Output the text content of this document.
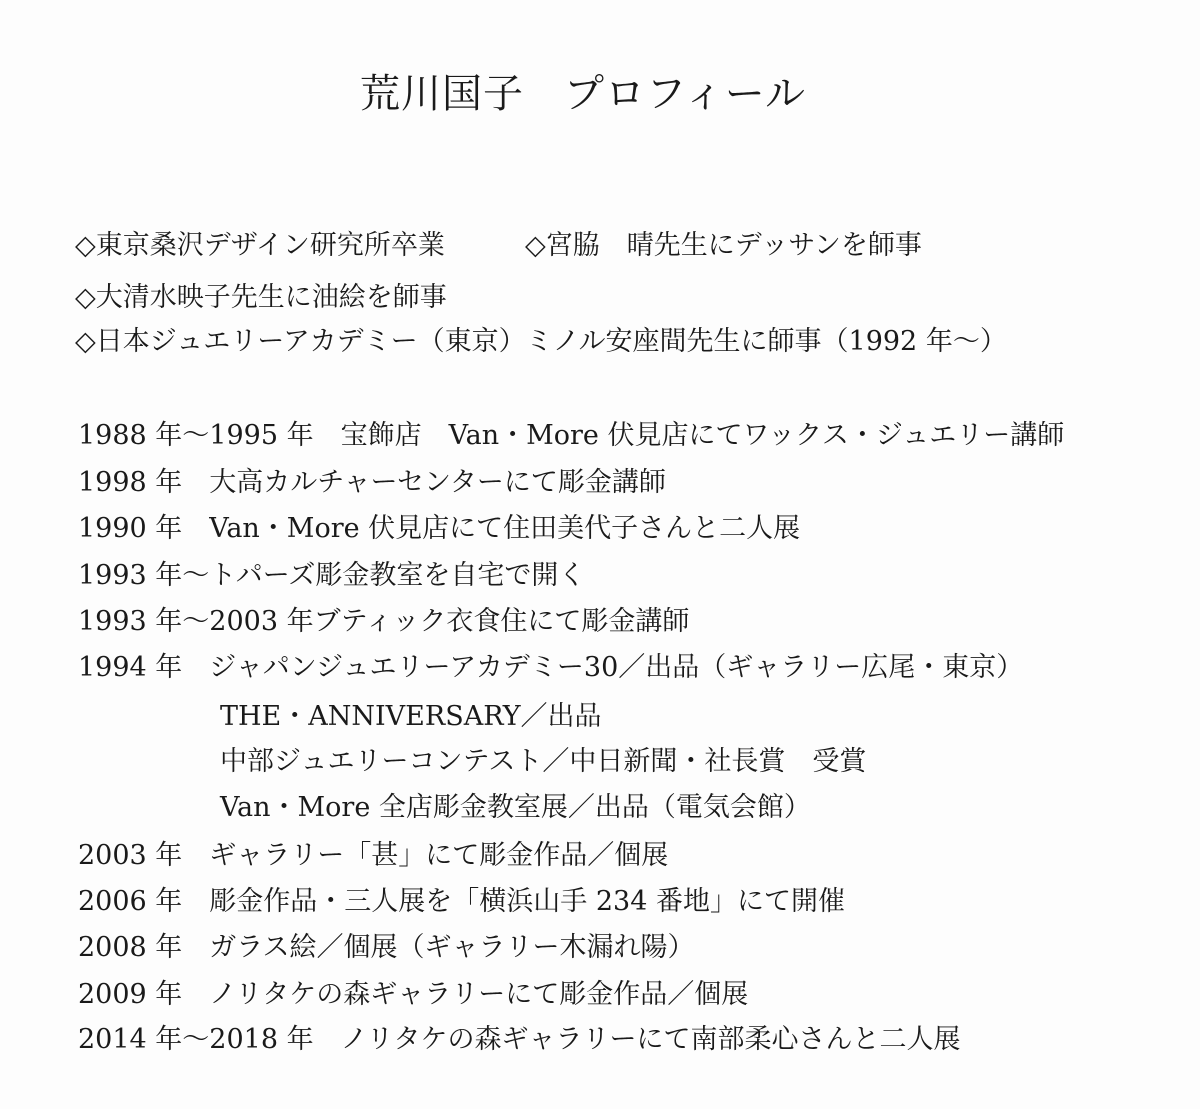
荒川国子 プロフィール
◇東京桑沢デザイン研究所卒業	◇宮脇　晴先生にデッサンを師事
◇大清水映子先生に油絵を師事
◇日本ジュエリーアカデミー（東京）ミノル安座間先生に師事（1992 年〜）
1988 年〜1995 年　宝飾店　Van・More 伏見店にてワックス・ジュエリー講師
1998 年　大高カルチャーセンターにて彫金講師
1990 年　Van・More 伏見店にて住田美代子さんと二人展
1993 年〜トパーズ彫金教室を自宅で開く
1993 年〜2003 年ブティック衣食住にて彫金講師
1994 年　ジャパンジュエリーアカデミー30／出品（ギャラリー広尾・東京）
THE・ANNIVERSARY／出品
中部ジュエリーコンテスト／中日新聞・社長賞　受賞
Van・More 全店彫金教室展／出品（電気会館）
2003 年　ギャラリー「甚」にて彫金作品／個展
2006 年　彫金作品・三人展を「横浜山手 234 番地」にて開催
2008 年　ガラス絵／個展（ギャラリー木漏れ陽）
2009 年　ノリタケの森ギャラリーにて彫金作品／個展
2014 年〜2018 年　ノリタケの森ギャラリーにて南部柔心さんと二人展
